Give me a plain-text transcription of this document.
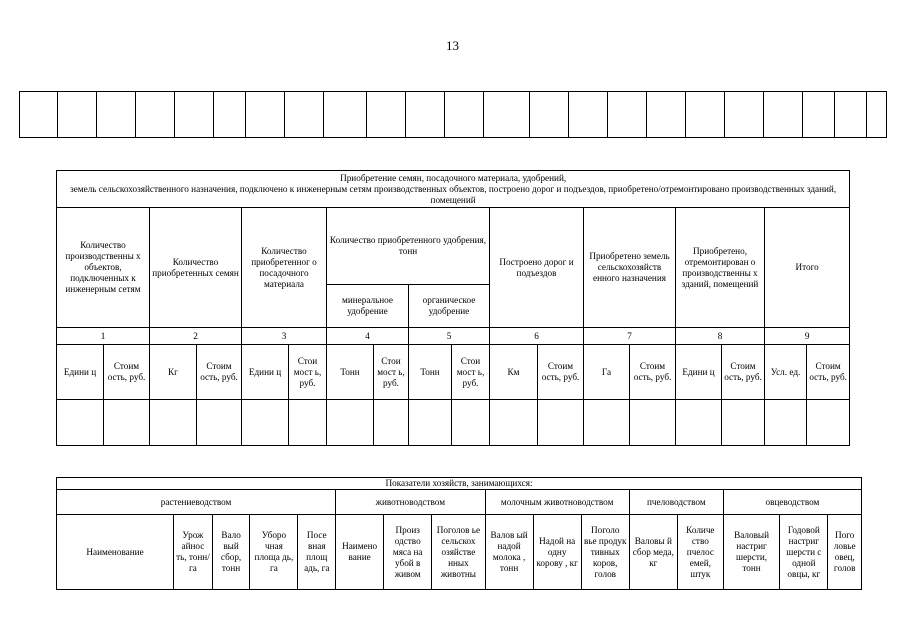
13

Приобретение семян, посадочного материала, удобрений,
земель сельскохозяйственного назначения, подключено к инженерным сетям производственных объектов, построено дорог и подъездов, приобретено/отремонтировано производственных зданий, помещений																	
Количество производственны х объектов, подключенных к инженерным сетям		Количество приобретенных семян		Количество приобретенног о посадочного материала		Количество приобретенного удобрения, тонн				Построено дорог и подъездов		Приобретено земель сельскохозяйств енного назначения		Приобретено, отремонтирован о производственны х зданий, помещений		Итого	
						минеральное удобрение		органическое удобрение									
1		2		3		4		5		6		7		8		9	
Едини ц	Стоим ость, руб.	Кг	Стоим ость, руб.	Едини ц	Стои мост ь, руб.	Тонн	Стои мост ь, руб.	Тонн	Стои мост ь, руб.	Км	Стоим ость, руб.	Га	Стоим ость, руб.	Едини ц	Стоим ость, руб.	Усл. ед.	Стоим ость, руб.

Показатели хозяйств, занимающихся:															
растениеводством					животноводством			молочным животноводством			пчеловодством		овцеводством		
Наименование	Урож айнос ть, тонн/ га	Вало вый сбор, тонн	Уборо чная площа дь, га	Посе вная площ адь, га	Наимено вание	Произ одство мяса на убой в живом	Поголов ье сельскох озяйстве нных животны	Валов ый надой молока , тонн	Надой на одну корову , кг	Поголо вье продук тивных коров, голов	Валовы й сбор меда, кг	Количе ство пчелос емей, штук	Валовый настриг шерсти, тонн	Годовой настриг шерсти с одной овцы, кг	Пого ловье овец, голов
